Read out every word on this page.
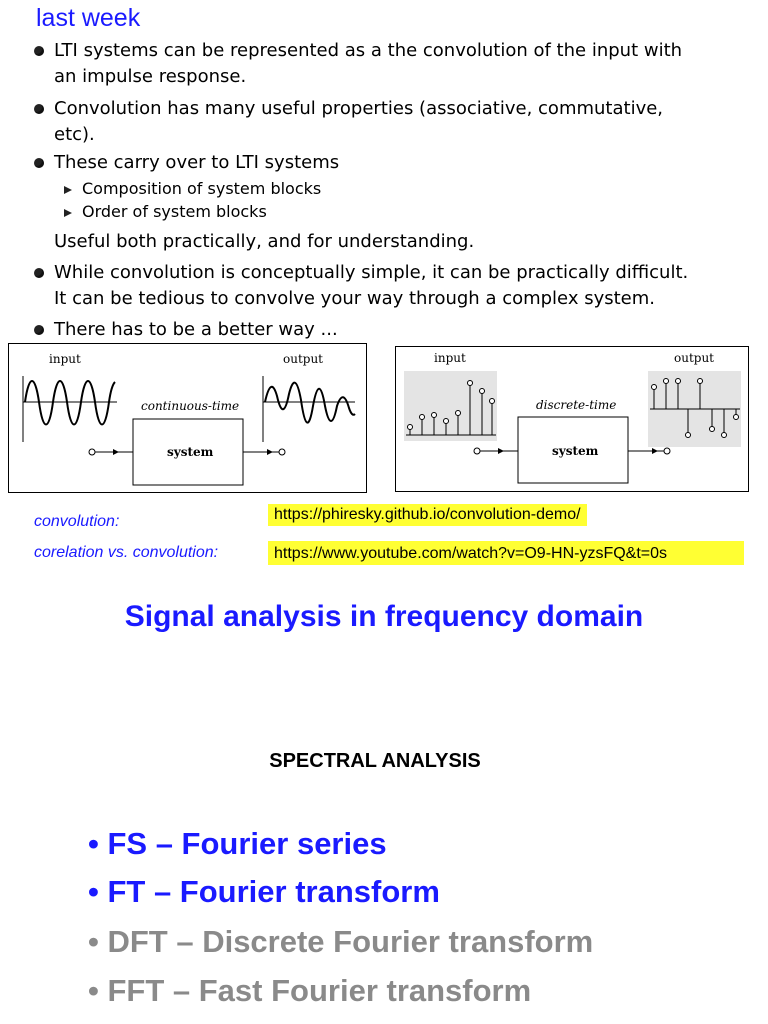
last week
LTI systems can be represented as a the convolution of the input with
an impulse response.
Convolution has many useful properties (associative, commutative,
etc).
These carry over to LTI systems
Composition of system blocks
Order of system blocks
Useful both practically, and for understanding.
While convolution is conceptually simple, it can be practically difficult.
It can be tedious to convolve your way through a complex system.
There has to be a better way ...
input	output
continuous-time
system
input	output
discrete-time
system
convolution:	https://phiresky.github.io/convolution-demo/
corelation vs. convolution:	https://www.youtube.com/watch?v=O9-HN-yzsFQ&t=0s
Signal analysis in frequency domain
SPECTRAL ANALYSIS
• FS – Fourier series
• FT – Fourier transform
• DFT – Discrete Fourier transform
• FFT – Fast Fourier transform
